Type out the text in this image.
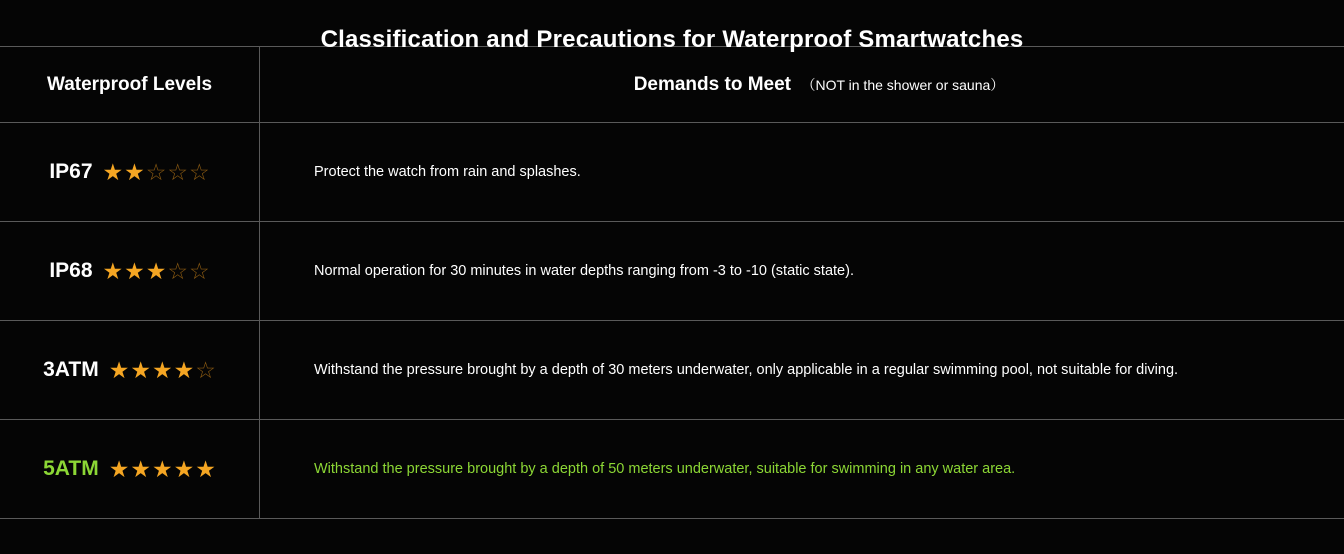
Classification and Precautions for Waterproof Smartwatches
Waterproof Levels	Demands to Meet （NOT in the shower or sauna）
IP67 ★ ★ ☆ ☆ ☆	Protect the watch from rain and splashes.
IP68 ★ ★ ★ ☆ ☆	Normal operation for 30 minutes in water depths ranging from -3 to -10 (static state).
3ATM ★ ★ ★ ★ ☆	Withstand the pressure brought by a depth of 30 meters underwater, only applicable in a regular swimming pool, not suitable for diving.
5ATM ★ ★ ★ ★ ★	Withstand the pressure brought by a depth of 50 meters underwater, suitable for swimming in any water area.
